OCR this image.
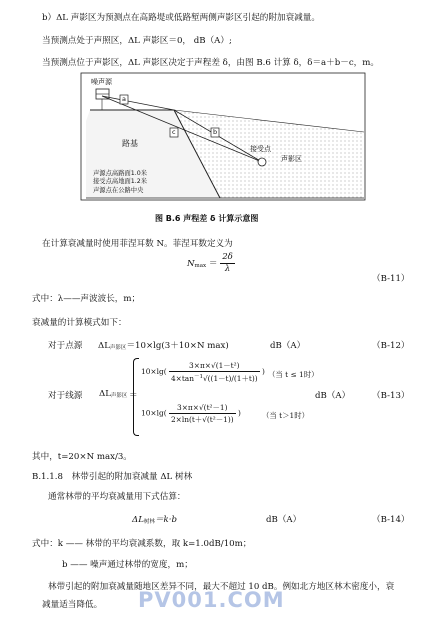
b）ΔL 声影区为预测点在高路堤或低路堑两侧声影区引起的附加衰减量。
当预测点处于声照区，ΔL 声影区＝0， dB（A）;
当预测点位于声影区，ΔL 声影区决定于声程差 δ，由图 B.6 计算 δ，δ＝a＋b－c，m。
噪声源
a
c	b
路基
接受点
声影区
声源点高路面1.0米
接受点高地面1.2米
声源点在公路中央
图 B.6 声程差 δ 计算示意图
在计算衰减量时使用菲涅耳数 N。菲涅耳数定义为
$Nmax = \frac{2\delta}{\lambda}$
（B-11）
式中：λ——声波波长，m；
衰减量的计算模式如下：
对于点源 ΔL声影区＝10×lg(3＋10×N max)	dB（A）	（B-12）
对于线源 ΔL声影区 ＝
$10\times\lg( \frac{\text{3×π×√(1－t²)}}{4\times\tan^{-1}√((1-t)/(1+t))}$ ) （当 t ≤ 1时）
$10\times\lg( \frac{\text{3×π×√(t²－1)}}{\text{2×ln(t＋√(t²－1))}}$ )	（当 t＞1时）
dB（A）	（B-13）
其中，t=20×N max/3。
B.1.1.8 林带引起的附加衰减量 ΔL 树林
通常林带的平均衰减量用下式估算：
ΔL树林＝k·b	dB（A）	（B-14）
式中：k —— 林带的平均衰减系数，取 k=1.0dB/10m；
b —— 噪声通过林带的宽度，m；
林带引起的附加衰减量随地区差异不同，最大不超过 10 dB。例如北方地区林木密度小，衰
减量适当降低。 PV001.COM
